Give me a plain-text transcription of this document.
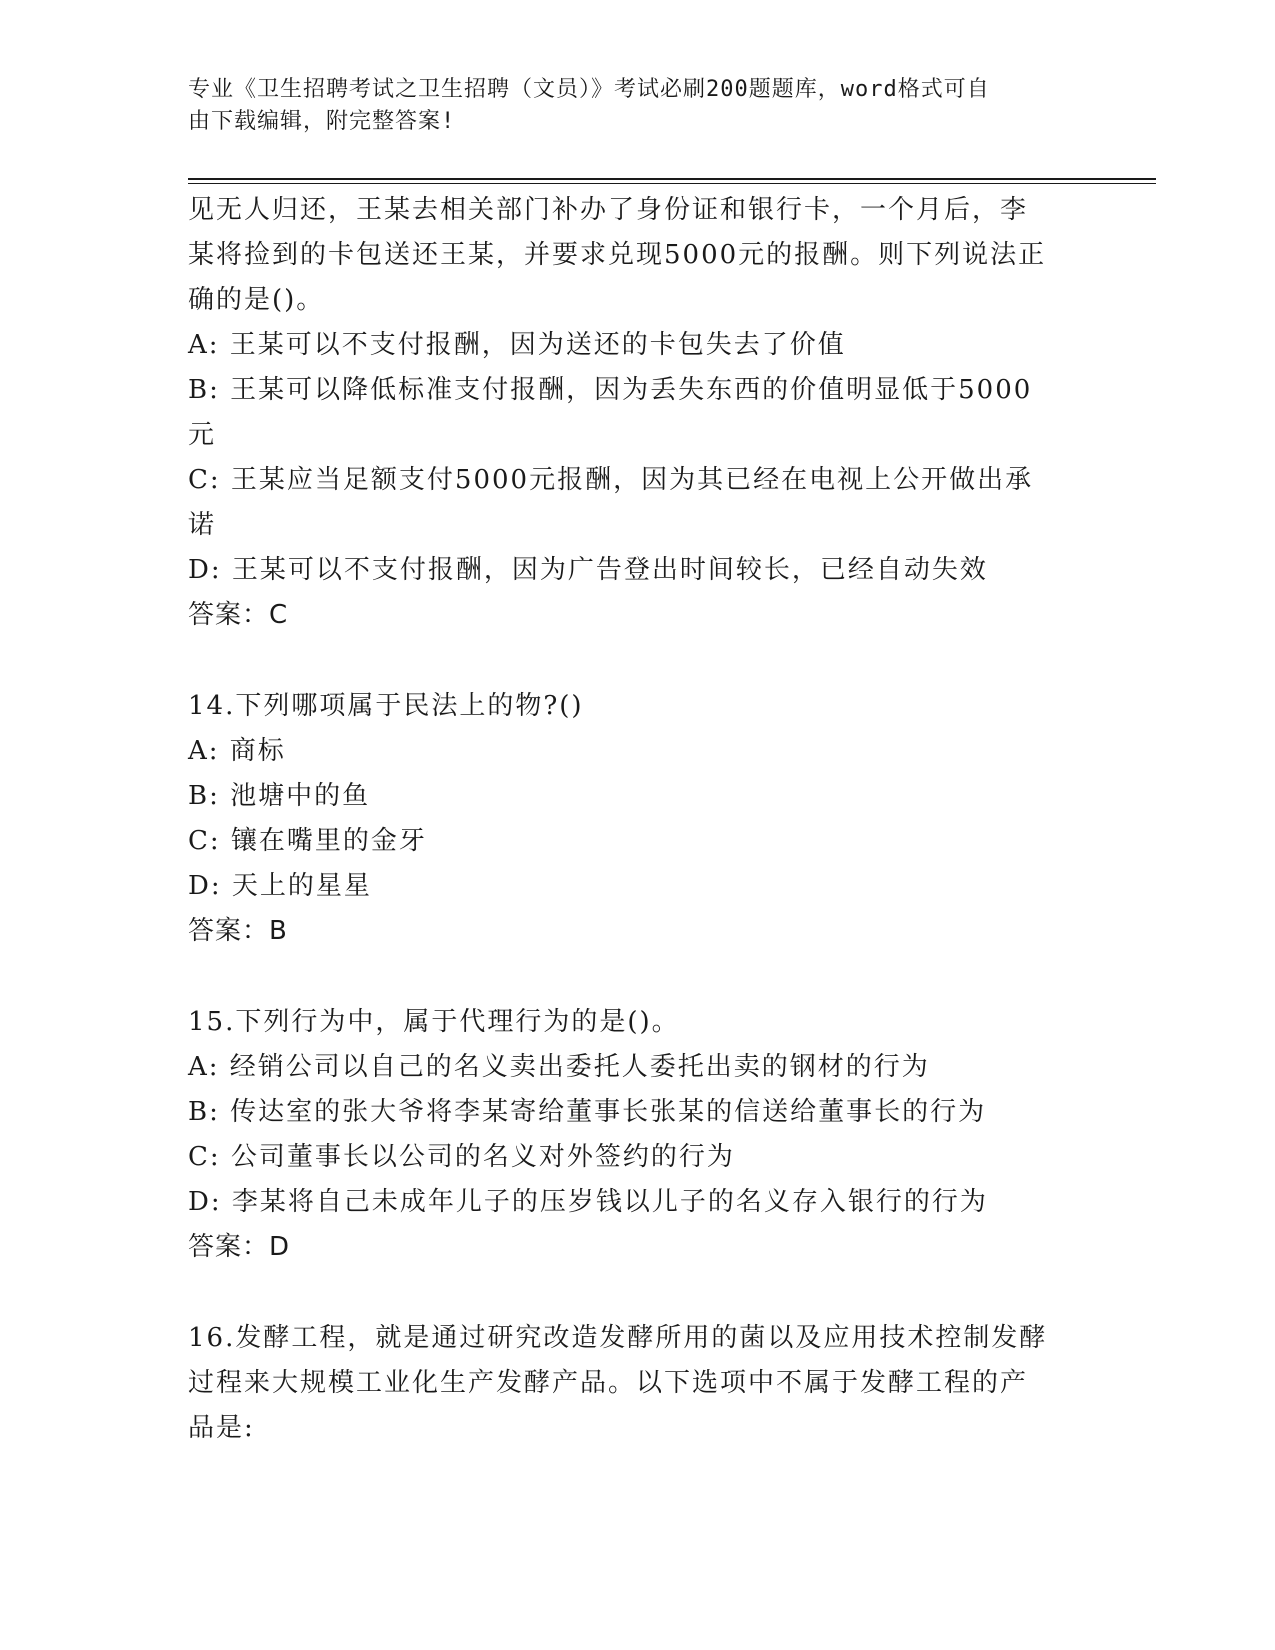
专业《卫生招聘考试之卫生招聘（文员）》考试必刷200题题库，word格式可自
由下载编辑，附完整答案!
见无人归还，王某去相关部门补办了身份证和银行卡，一个月后，李
某将捡到的卡包送还王某，并要求兑现5000元的报酬。则下列说法正
确的是()。
A: 王某可以不支付报酬，因为送还的卡包失去了价值
B: 王某可以降低标准支付报酬，因为丢失东西的价值明显低于5000
元
C: 王某应当足额支付5000元报酬，因为其已经在电视上公开做出承
诺
D: 王某可以不支付报酬，因为广告登出时间较长，已经自动失效
答案：C
14.下列哪项属于民法上的物?()
A: 商标
B: 池塘中的鱼
C: 镶在嘴里的金牙
D: 天上的星星
答案：B
15.下列行为中，属于代理行为的是()。
A: 经销公司以自己的名义卖出委托人委托出卖的钢材的行为
B: 传达室的张大爷将李某寄给董事长张某的信送给董事长的行为
C: 公司董事长以公司的名义对外签约的行为
D: 李某将自己未成年儿子的压岁钱以儿子的名义存入银行的行为
答案：D
16.发酵工程，就是通过研究改造发酵所用的菌以及应用技术控制发酵
过程来大规模工业化生产发酵产品。以下选项中不属于发酵工程的产
品是:
